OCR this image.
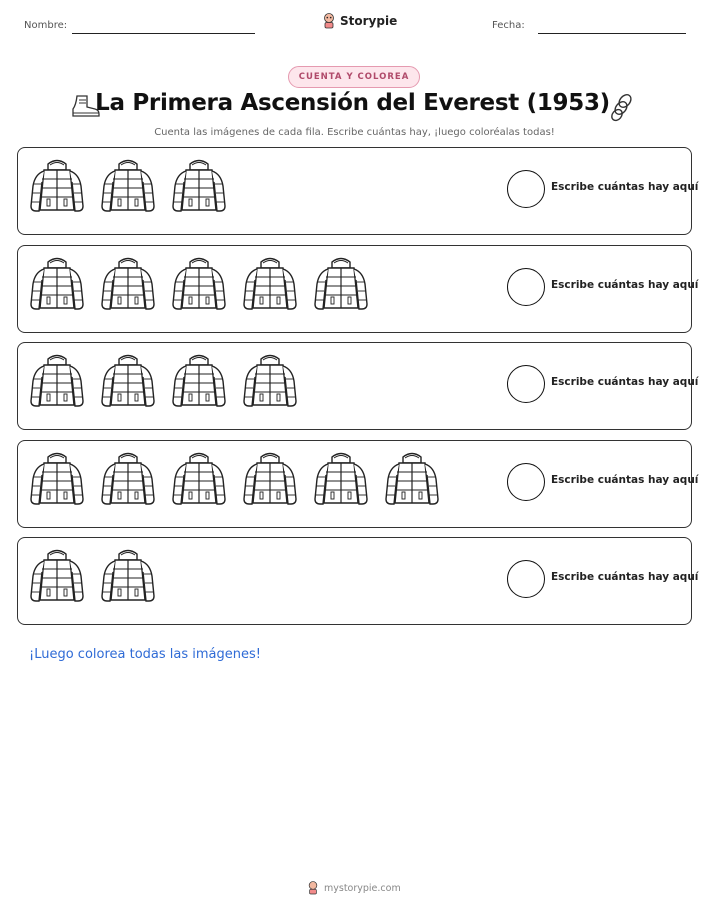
Nombre:	Storypie	Fecha:
CUENTA Y COLOREA
La Primera Ascensión del Everest (1953)
Cuenta las imágenes de cada fila. Escribe cuántas hay, ¡luego coloréalas todas!
Escribe cuántas hay aquí
Escribe cuántas hay aquí
Escribe cuántas hay aquí
Escribe cuántas hay aquí
Escribe cuántas hay aquí
¡Luego colorea todas las imágenes!
mystorypie.com
